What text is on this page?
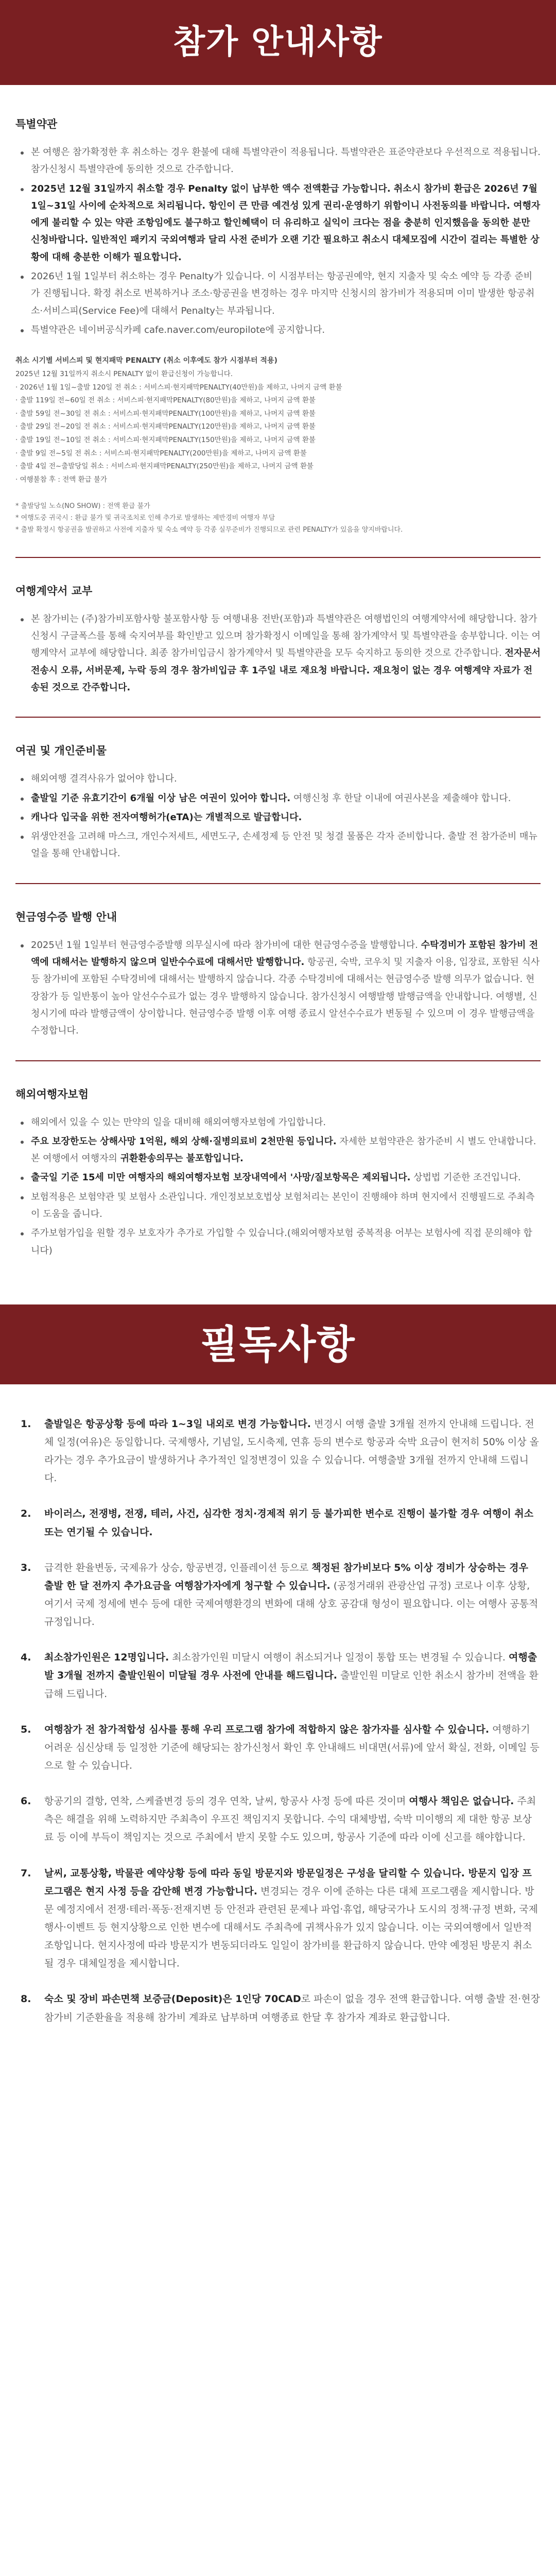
참가 안내사항
특별약관
본 여행은 참가확정한 후 취소하는 경우 환불에 대해 특별약관이 적용됩니다. 특별약관은 표준약관보다 우선적으로 적용됩니다. 참가신청시 특별약관에 동의한 것으로 간주합니다.
2025년 12월 31일까지 취소할 경우 Penalty 없이 납부한 액수 전액환급 가능합니다. 취소시 참가비 환급은 2026년 7월 1일~31일 사이에 순차적으로 처리됩니다. 항인이 큰 만큼 예견성 있게 권리·운영하기 위함이니 사전동의를 바랍니다. 여행자에게 불리할 수 있는 약관 조항임에도 불구하고 할인혜택이 더 유리하고 실익이 크다는 점을 충분히 인지했음을 동의한 분만 신청바랍니다. 일반적인 패키지 국외여행과 달리 사전 준비가 오랜 기간 필요하고 취소시 대체모집에 시간이 걸리는 특별한 상황에 대해 충분한 이해가 필요합니다.
2026년 1월 1일부터 취소하는 경우 Penalty가 있습니다. 이 시점부터는 항공권예약, 현지 지출자 및 숙소 예약 등 각종 준비가 진행됩니다. 확정 취소로 번복하거나 조소·항공권을 변경하는 경우 마지막 신청시의 참가비가 적용되며 이미 발생한 항공취소·서비스피(Service Fee)에 대해서 Penalty는 부과됩니다.
특별약관은 네이버공식카페 cafe.naver.com/europilote에 공지합니다.
취소 시기별 서비스피 및 현지패막 PENALTY (취소 이후에도 참가 시점부터 적용)
2025년 12월 31일까지 취소시 PENALTY 없이 환급신청이 가능합니다.
· 2026년 1월 1일~출발 120일 전 취소 : 서비스피·현지패막PENALTY(40만원)을 제하고, 나머지 금액 환불
· 출발 119일 전~60일 전 취소 : 서비스피·현지패막PENALTY(80만원)을 제하고, 나머지 금액 환불
· 출발 59일 전~30일 전 취소 : 서비스피·현지패막PENALTY(100만원)을 제하고, 나머지 금액 환불
· 출발 29일 전~20일 전 취소 : 서비스피·현지패막PENALTY(120만원)을 제하고, 나머지 금액 환불
· 출발 19일 전~10일 전 취소 : 서비스피·현지패막PENALTY(150만원)을 제하고, 나머지 금액 환불
· 출발 9일 전~5일 전 취소 : 서비스피·현지패막PENALTY(200만원)을 제하고, 나머지 금액 환불
· 출발 4일 전~출발당일 취소 : 서비스피·현지패막PENALTY(250만원)을 제하고, 나머지 금액 환불
· 여행불참 후 : 전액 환급 불가
* 출발당일 노쇼(NO SHOW) : 전액 환급 불가
* 여행도중 귀국시 : 환급 불가 및 귀국조치로 인해 추가로 발생하는 제반경비 여행자 부담
* 출발 확정시 항공권을 발권하고 사전에 지출자 및 숙소 예약 등 각종 실무준비가 진행되므로 관련 PENALTY가 있음을 양지바랍니다.
여행계약서 교부
본 참가비는 (주)참가비포함사항 불포함사항 등 여행내용 전반(포함)과 특별약관은 여행법인의 여행계약서에 해당합니다. 참가신청시 구글폭스를 통해 숙지여부를 확인받고 있으며 참가확정시 이메일을 통해 참가계약서 및 특별약관을 송부합니다. 이는 여행계약서 교부에 해당합니다. 최종 참가비입금시 참가계약서 및 특별약관을 모두 숙지하고 동의한 것으로 간주합니다. 전자문서 전송시 오류, 서버문제, 누락 등의 경우 참가비입금 후 1주일 내로 재요청 바랍니다. 재요청이 없는 경우 여행계약 자료가 전송된 것으로 간주합니다.
여권 및 개인준비물
해외여행 결격사유가 없어야 합니다.
출발일 기준 유효기간이 6개월 이상 남은 여권이 있어야 합니다. 여행신청 후 한달 이내에 여권사본을 제출해야 합니다.
캐나다 입국을 위한 전자여행허가(eTA)는 개별적으로 발급합니다.
위생안전을 고려해 마스크, 개인수저세트, 세면도구, 손세정제 등 안전 및 청결 물품은 각자 준비합니다. 출발 전 참가준비 매뉴얼을 통해 안내합니다.
현금영수증 발행 안내
2025년 1월 1일부터 현금영수증발행 의무실시에 따라 참가비에 대한 현금영수증을 발행합니다. 수탁경비가 포함된 참가비 전액에 대해서는 발행하지 않으며 일반수수료에 대해서만 발행합니다. 항공권, 숙박, 코우치 및 지출자 이용, 입장료, 포함된 식사 등 참가비에 포함된 수탁경비에 대해서는 발행하지 않습니다. 각종 수탁경비에 대해서는 현금영수증 발행 의무가 없습니다. 현장참가 등 일반통이 높아 알선수수료가 없는 경우 발행하지 않습니다. 참가신청시 여행발행 발행금액을 안내합니다. 여행별, 신청시기에 따라 발행금액이 상이합니다. 현금영수증 발행 이후 여행 종료시 알선수수료가 변동될 수 있으며 이 경우 발행금액을 수정합니다.
해외여행자보험
해외에서 있을 수 있는 만약의 일을 대비해 해외여행자보험에 가입합니다.
주요 보장한도는 상해사망 1억원, 해외 상해·질병의료비 2천만원 등입니다. 자세한 보험약관은 참가준비 시 별도 안내합니다. 본 여행에서 여행자의 귀환환송의무는 불포함입니다.
출국일 기준 15세 미만 여행자의 해외여행자보험 보장내역에서 '사망/질보항목은 제외됩니다. 상법법 기준한 조건입니다.
보험적용은 보험약관 및 보험사 소관입니다. 개인정보보호법상 보험처리는 본인이 진행해야 하며 현지에서 진행필드로 주최측이 도움을 줍니다.
주가보험가입을 원할 경우 보호자가 추가로 가입할 수 있습니다.(해외여행자보험 중복적용 어부는 보험사에 직접 문의해야 합니다)
필독사항
1. 출발일은 항공상황 등에 따라 1~3일 내외로 변경 가능합니다. 변경시 여행 출발 3개월 전까지 안내해 드립니다. 전체 일정(여유)은 동일합니다. 국제행사, 기념일, 도시축제, 연휴 등의 변수로 항공과 숙박 요금이 현저히 50% 이상 올라가는 경우 추가요금이 발생하거나 추가적인 일정변경이 있을 수 있습니다. 여행출발 3개월 전까지 안내해 드립니다.
2. 바이러스, 전쟁병, 전쟁, 테러, 사건, 심각한 정치·경제적 위기 등 불가피한 변수로 진행이 불가할 경우 여행이 취소 또는 연기될 수 있습니다.
3. 급격한 환율변동, 국제유가 상승, 항공변경, 인플레이션 등으로 책정된 참가비보다 5% 이상 경비가 상승하는 경우 출발 한 달 전까지 추가요금을 여행참가자에게 청구할 수 있습니다. (공정거래위 관광산업 규정) 코로나 이후 상황, 여기서 국제 정세에 변수 등에 대한 국제여행환경의 변화에 대해 상호 공감대 형성이 필요합니다. 이는 여행사 공통적 규정입니다.
4. 최소참가인원은 12명입니다. 최소참가인원 미달시 여행이 취소되거나 일정이 통합 또는 변경될 수 있습니다. 여행출발 3개월 전까지 출발인원이 미달될 경우 사전에 안내를 해드립니다. 출발인원 미달로 인한 취소시 참가비 전액을 환급해 드립니다.
5. 여행참가 전 참가적합성 심사를 통해 우리 프로그램 참가에 적합하지 않은 참가자를 심사할 수 있습니다. 여행하기 어려운 심신상태 등 일정한 기준에 해당되는 참가신청서 확인 후 안내해드 비대면(서류)에 앞서 확실, 전화, 이메일 등으로 할 수 있습니다.
6. 항공기의 결항, 연착, 스케쥴변경 등의 경우 연착, 날씨, 항공사 사정 등에 따른 것이며 여행사 책임은 없습니다. 주최측은 해결을 위해 노력하지만 주최측이 우프진 책임지지 못합니다. 수익 대체방법, 숙박 미이행의 제 대한 항공 보상료 등 이에 부득이 책임지는 것으로 주최에서 받지 못할 수도 있으며, 항공사 기준에 따라 이에 신고를 해야합니다.
7. 날씨, 교통상황, 박물관 예약상황 등에 따라 동일 방문지와 방문일정은 구성을 달리할 수 있습니다. 방문지 입장 프로그램은 현지 사정 등을 감안해 변경 가능합니다. 변경되는 경우 이에 준하는 다른 대체 프로그램을 제시합니다. 방문 예정지에서 전쟁·테러·폭동·전재지변 등 안전과 관련된 문제나 파업·휴업, 해당국가나 도시의 정책·규정 변화, 국제행사·이벤트 등 현지상황으로 인한 변수에 대해서도 주최측에 귀책사유가 있지 않습니다. 이는 국외여행에서 일반적 조항입니다. 현지사정에 따라 방문지가 변동되더라도 일일이 참가비를 환급하지 않습니다. 만약 예정된 방문지 취소될 경우 대체일정을 제시합니다.
8. 숙소 및 장비 파손면책 보증금(Deposit)은 1인당 70CAD로 파손이 없을 경우 전액 환급합니다. 여행 출발 전·현장 참가비 기준환율을 적용해 참가비 계좌로 납부하며 여행종료 한달 후 참가자 계좌로 환급합니다.
